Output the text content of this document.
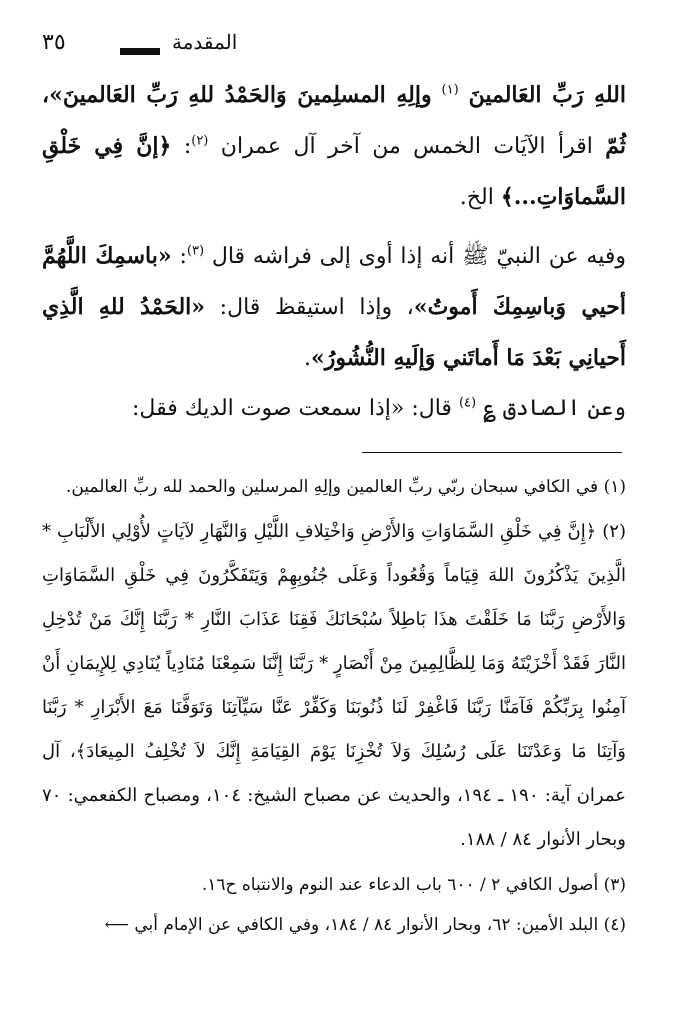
٣٥	المقدمة

اللهِ رَبِّ العَالمينَ $^{(١)}$ وإلِهِ المسلِمينَ وَالحَمْدُ للهِ رَبِّ العَالمينَ»، ثُمّ اقرأ الآيَات الخمس من آخر آل عمران $^{(٢)}$: ﴿إنَّ فِي خَلْقِ السَّماوَاتِ...﴾ الخ.

وفيه عن النبيّ ﷺ أنه إذا أوى إلى فراشه قال $^{(٣)}$: «باسمِكَ اللَّهُمَّ أحيي وَباسِمِكَ أَموتُ»، وإذا استيقظ قال: «الحَمْدُ للهِ الَّذِي أَحيانِي بَعْدَ مَا أَماتَني وَإلَيهِ النُّشُورُ».

وعن الصادق ؏ $^{(٤)}$ قال: «إذا سمعت صوت الديك فقل:

(١) في الكافي سبحان ربّي ربِّ العالمين وإلِهِ المرسلين والحمد لله ربِّ العالمين.

(٢) ﴿إِنَّ فِي خَلْقِ السَّمَاوَاتِ وَالأَرْضِ وَاخْتِلافِ اللَّيْلِ وَالنَّهَارِ لآيَاتٍ لأُوْلِي الأَلْبَابِ * الَّذِينَ يَذْكُرُونَ اللهَ قِيَاماً وَقُعُوداً وَعَلَى جُنُوبِهِمْ وَيَتَفَكَّرُونَ فِي خَلْقِ السَّمَاوَاتِ وَالأَرْضِ رَبَّنَا مَا خَلَقْتَ هذَا بَاطِلاً سُبْحَانَكَ فَقِنَا عَذَابَ النَّارِ * رَبَّنَا إِنَّكَ مَنْ تُدْخِلِ النَّارَ فَقَدْ أَخْزَيْتَهُ وَمَا لِلظَّالِمِينَ مِنْ أَنْصَارٍ * رَبَّنَا إِنَّنَا سَمِعْنَا مُنَادِياً يُنَادِي لِلإِيمَانِ أَنْ آمِنُوا بِرَبِّكُمْ فَآمَنَّا رَبَّنَا فَاغْفِرْ لَنَا ذُنُوبَنَا وَكَفِّرْ عَنَّا سَيِّآتِنَا وَتَوَفَّنَا مَعَ الأَبْرَارِ * رَبَّنَا وَآتِنَا مَا وَعَدْتَنَا عَلَى رُسُلِكَ وَلاَ تُخْزِنَا يَوْمَ القِيَامَةِ إِنَّكَ لاَ تُخْلِفُ المِيعَادَ﴾، آل عمران آية: ١٩٠ ـ ١٩٤، والحديث عن مصباح الشيخ: ١٠٤، ومصباح الكفعمي: ٧٠ وبحار الأنوار ٨٤ / ١٨٨.

(٣) أصول الكافي ٢ / ٦٠٠ باب الدعاء عند النوم والانتباه ح١٦.

(٤) البلد الأمين: ٦٢، وبحار الأنوار ٨٤ / ١٨٤، وفي الكافي عن الإمام أبي ⟵
